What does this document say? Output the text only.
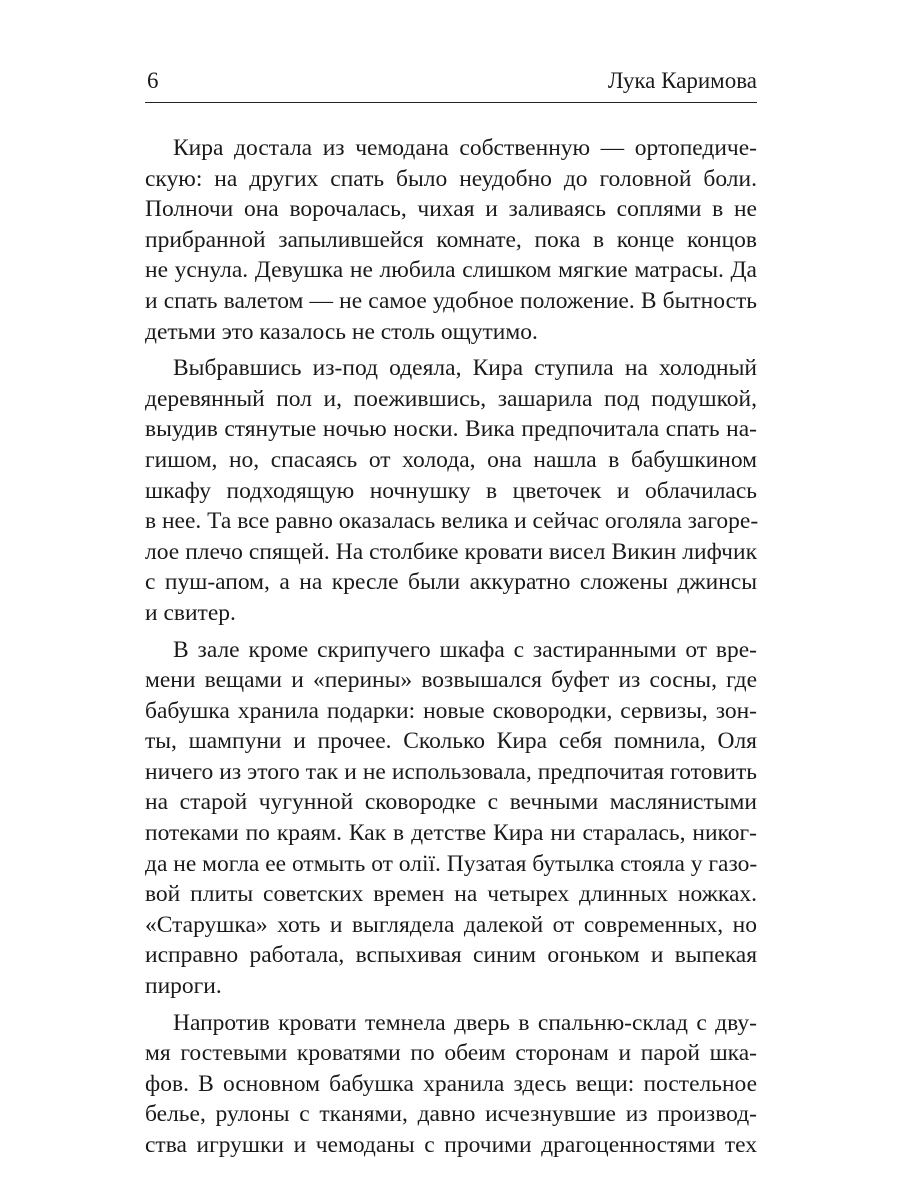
6	Лука Каримова
Кира достала из чемодана собственную — ортопедиче-
скую: на других спать было неудобно до головной боли.
Полночи она ворочалась, чихая и заливаясь соплями в не
прибранной запылившейся комнате, пока в конце концов
не уснула. Девушка не любила слишком мягкие матрасы. Да
и спать валетом — не самое удобное положение. В бытность
детьми это казалось не столь ощутимо.
Выбравшись из-под одеяла, Кира ступила на холодный
деревянный пол и, поежившись, зашарила под подушкой,
выудив стянутые ночью носки. Вика предпочитала спать на-
гишом, но, спасаясь от холода, она нашла в бабушкином
шкафу подходящую ночнушку в цветочек и облачилась
в нее. Та все равно оказалась велика и сейчас оголяла загоре-
лое плечо спящей. На столбике кровати висел Викин лифчик
с пуш-апом, а на кресле были аккуратно сложены джинсы
и свитер.
В зале кроме скрипучего шкафа с застиранными от вре-
мени вещами и «перины» возвышался буфет из сосны, где
бабушка хранила подарки: новые сковородки, сервизы, зон-
ты, шампуни и прочее. Сколько Кира себя помнила, Оля
ничего из этого так и не использовала, предпочитая готовить
на старой чугунной сковородке с вечными маслянистыми
потеками по краям. Как в детстве Кира ни старалась, никог-
да не могла ее отмыть от олії. Пузатая бутылка стояла у газо-
вой плиты советских времен на четырех длинных ножках.
«Старушка» хоть и выглядела далекой от современных, но
исправно работала, вспыхивая синим огоньком и выпекая
пироги.
Напротив кровати темнела дверь в спальню-склад с дву-
мя гостевыми кроватями по обеим сторонам и парой шка-
фов. В основном бабушка хранила здесь вещи: постельное
белье, рулоны с тканями, давно исчезнувшие из производ-
ства игрушки и чемоданы с прочими драгоценностями тех
